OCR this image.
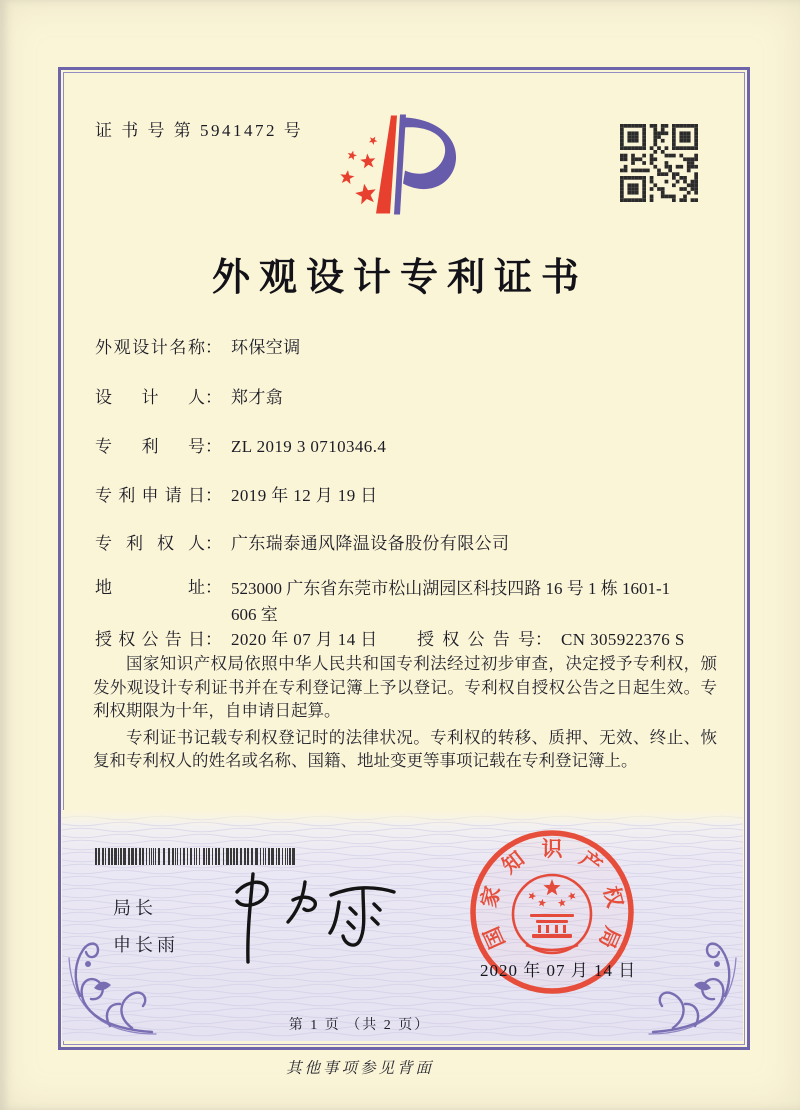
证 书 号 第 5941472 号
外观设计专利证书
外观设计名称： 环保空调
设计人： 郑才翕
专利号： ZL 2019 3 0710346.4
专利申请日： 2019 年 12 月 19 日
专利权人： 广东瑞泰通风降温设备股份有限公司
地址： 523000 广东省东莞市松山湖园区科技四路 16 号 1 栋 1601-1
606 室
授权公告日： 2020 年 07 月 14 日 授权公告号： CN 305922376 S

国家知识产权局依照中华人民共和国专利法经过初步审查，决定授予专利权，颁发外观设计专利证书并在专利登记簿上予以登记。专利权自授权公告之日起生效。专利权期限为十年，自申请日起算。

专利证书记载专利权登记时的法律状况。专利权的转移、质押、无效、终止、恢复和专利权人的姓名或名称、国籍、地址变更等事项记载在专利登记簿上。

局长
申长雨	国
家
知 识 产
权
局
2020 年 07 月 14 日
第 1 页 （共 2 页）
其他事项参见背面
